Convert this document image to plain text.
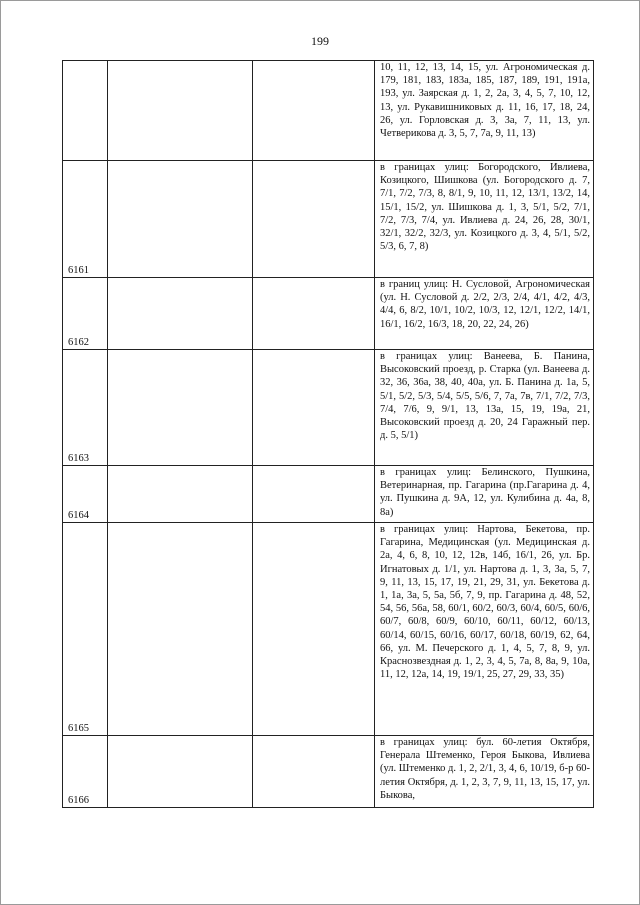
199

			10, 11, 12, 13, 14, 15, ул. Агрономическая д. 179, 181, 183, 183а, 185, 187, 189, 191, 191а, 193, ул. Заярская д. 1, 2, 2а, 3, 4, 5, 7, 10, 12, 13, ул. Рукавишниковых д. 11, 16, 17, 18, 24, 26, ул. Горловская д. 3, 3а, 7, 11, 13, ул. Четверикова д. 3, 5, 7, 7а, 9, 11, 13)

6161			в границах улиц: Богородского, Ивлиева, Козицкого, Шишкова (ул. Богородского д. 7, 7/1, 7/2, 7/3, 8, 8/1, 9, 10, 11, 12, 13/1, 13/2, 14, 15/1, 15/2, ул. Шишкова д. 1, 3, 5/1, 5/2, 7/1, 7/2, 7/3, 7/4, ул. Ивлиева д. 24, 26, 28, 30/1, 32/1, 32/2, 32/3, ул. Козицкого д. 3, 4, 5/1, 5/2, 5/3, 6, 7, 8)

6162			в границ улиц: Н. Сусловой, Агрономическая (ул. Н. Сусловой д. 2/2, 2/3, 2/4, 4/1, 4/2, 4/3, 4/4, 6, 8/2, 10/1, 10/2, 10/3, 12, 12/1, 12/2, 14/1, 16/1, 16/2, 16/3, 18, 20, 22, 24, 26)

6163			в границах улиц: Ванеева, Б. Панина, Высоковский проезд, р. Старка (ул. Ванеева д. 32, 36, 36а, 38, 40, 40а, ул. Б. Панина д. 1а, 5, 5/1, 5/2, 5/3, 5/4, 5/5, 5/6, 7, 7а, 7в, 7/1, 7/2, 7/3, 7/4, 7/6, 9, 9/1, 13, 13а, 15, 19, 19а, 21, Высоковский проезд д. 20, 24 Гаражный пер. д. 5, 5/1)

6164			в границах улиц: Белинского, Пушкина, Ветеринарная, пр. Гагарина (пр.Гагарина д. 4, ул. Пушкина д. 9А, 12, ул. Кулибина д. 4а, 8, 8а)

6165			в границах улиц: Нартова, Бекетова, пр. Гагарина, Медицинская (ул. Медицинская д. 2а, 4, 6, 8, 10, 12, 12в, 14б, 16/1, 26, ул. Бр. Игнатовых д. 1/1, ул. Нартова д. 1, 3, 3а, 5, 7, 9, 11, 13, 15, 17, 19, 21, 29, 31, ул. Бекетова д. 1, 1а, 3а, 5, 5а, 5б, 7, 9, пр. Гагарина д. 48, 52, 54, 56, 56а, 58, 60/1, 60/2, 60/3, 60/4, 60/5, 60/6, 60/7, 60/8, 60/9, 60/10, 60/11, 60/12, 60/13, 60/14, 60/15, 60/16, 60/17, 60/18, 60/19, 62, 64, 66, ул. М. Печерского д. 1, 4, 5, 7, 8, 9, ул. Краснозвездная д. 1, 2, 3, 4, 5, 7а, 8, 8а, 9, 10а, 11, 12, 12а, 14, 19, 19/1, 25, 27, 29, 33, 35)

6166			в границах улиц: бул. 60-летия Октября, Генерала Штеменко, Героя Быкова, Ивлиева (ул. Штеменко д. 1, 2, 2/1, 3, 4, 6, 10/19, б-р 60-летия Октября, д. 1, 2, 3, 7, 9, 11, 13, 15, 17, ул. Быкова,
